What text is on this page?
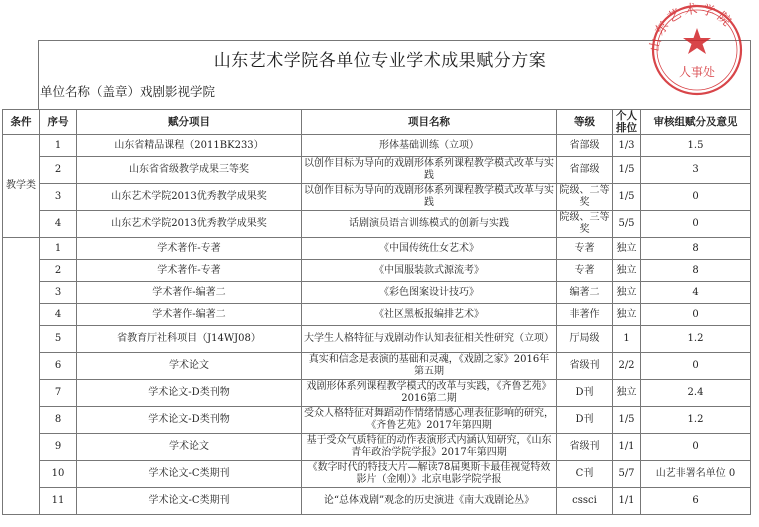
山东艺术学院各单位专业学术成果赋分方案
单位名称（盖章）戏剧影视学院
条件	序号	赋分项目	项目名称	等级	个人排位	审核组赋分及意见
教学类	1	山东省精品课程（2011BK233）	形体基础训练（立项）	省部级	1/3	1.5
	2	山东省省级教学成果三等奖	以创作目标为导向的戏剧形体系列课程教学模式改革与实践	省部级	1/5	3
	3	山东艺术学院2013优秀教学成果奖	以创作目标为导向的戏剧形体系列课程教学模式改革与实践	院级、二等奖	1/5	0
	4	山东艺术学院2013优秀教学成果奖	话剧演员语言训练模式的创新与实践	院级、三等奖	5/5	0
	1	学术著作-专著	《中国传统仕女艺术》	专著	独立	8
	2	学术著作-专著	《中国服装款式源流考》	专著	独立	8
	3	学术著作-编著二	《彩色图案设计技巧》	编著二	独立	4
	4	学术著作-编著二	《社区黑板报编排艺术》	非著作	独立	0
	5	省教育厅社科项目（J14WJ08）	大学生人格特征与戏剧动作认知表征相关性研究（立项）	厅局级	1	1.2
	6	学术论文	真实和信念是表演的基础和灵魂，《戏剧之家》2016年第五期	省级刊	2/2	0
	7	学术论文-D类刊物	戏剧形体系列课程教学模式的改革与实践，《齐鲁艺苑》2016第二期	D刊	独立	2.4
	8	学术论文-D类刊物	受众人格特征对舞蹈动作情绪情感心理表征影响的研究，《齐鲁艺苑》2017年第四期	D刊	1/5	1.2
	9	学术论文	基于受众气质特征的动作表演形式内涵认知研究，《山东青年政治学院学报》2017年第四期	省级刊	1/1	0
	10	学术论文-C类期刊	《数字时代的特技大片—解读78届奥斯卡最佳视觉特效影片（金刚）》北京电影学院学报	C刊	5/7	山艺非署名单位 0
	11	学术论文-C类期刊	论“总体戏剧”观念的历史演进《南大戏剧论丛》	cssci	1/1	6
山东艺术学院
人事处
